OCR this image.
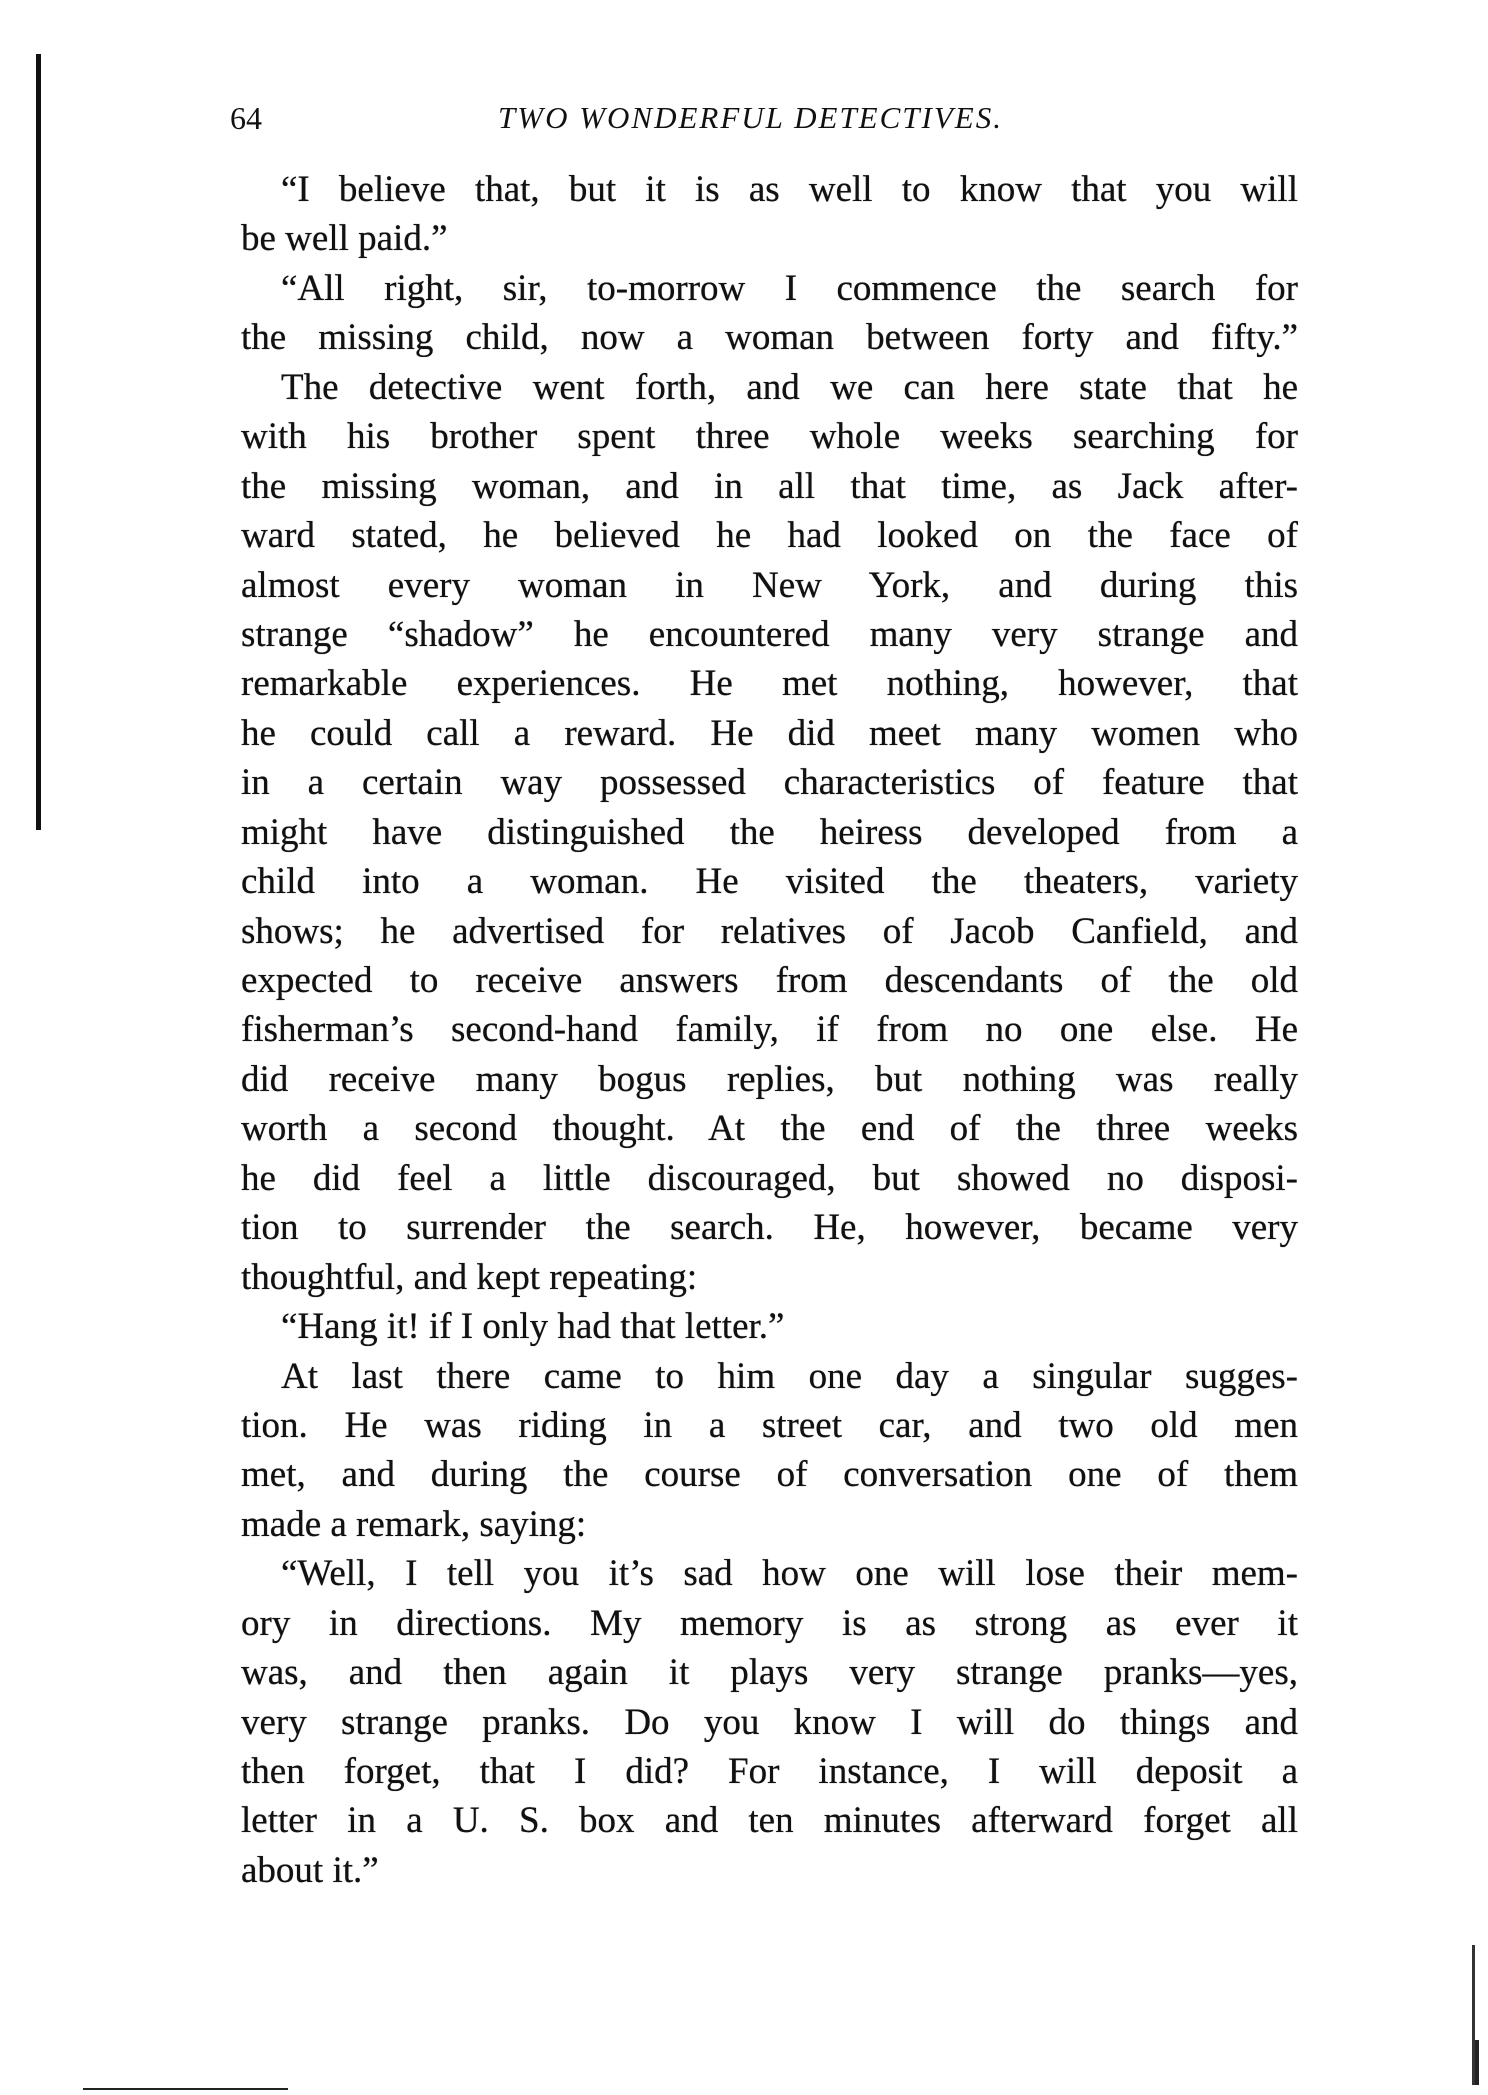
64	TWO WONDERFUL DETECTIVES.
“I believe that, but it is as well to know that you will
be well paid.”
“All right, sir, to-morrow I commence the search for
the missing child, now a woman between forty and fifty.”
The detective went forth, and we can here state that he
with his brother spent three whole weeks searching for
the missing woman, and in all that time, as Jack after-
ward stated, he believed he had looked on the face of
almost every woman in New York, and during this
strange “shadow” he encountered many very strange and
remarkable experiences. He met nothing, however, that
he could call a reward. He did meet many women who
in a certain way possessed characteristics of feature that
might have distinguished the heiress developed from a
child into a woman. He visited the theaters, variety
shows; he advertised for relatives of Jacob Canfield, and
expected to receive answers from descendants of the old
fisherman’s second-hand family, if from no one else. He
did receive many bogus replies, but nothing was really
worth a second thought. At the end of the three weeks
he did feel a little discouraged, but showed no disposi-
tion to surrender the search. He, however, became very
thoughtful, and kept repeating:
“Hang it! if I only had that letter.”
At last there came to him one day a singular sugges-
tion. He was riding in a street car, and two old men
met, and during the course of conversation one of them
made a remark, saying:
“Well, I tell you it’s sad how one will lose their mem-
ory in directions. My memory is as strong as ever it
was, and then again it plays very strange pranks—yes,
very strange pranks. Do you know I will do things and
then forget, that I did? For instance, I will deposit a
letter in a U. S. box and ten minutes afterward forget all
about it.”
